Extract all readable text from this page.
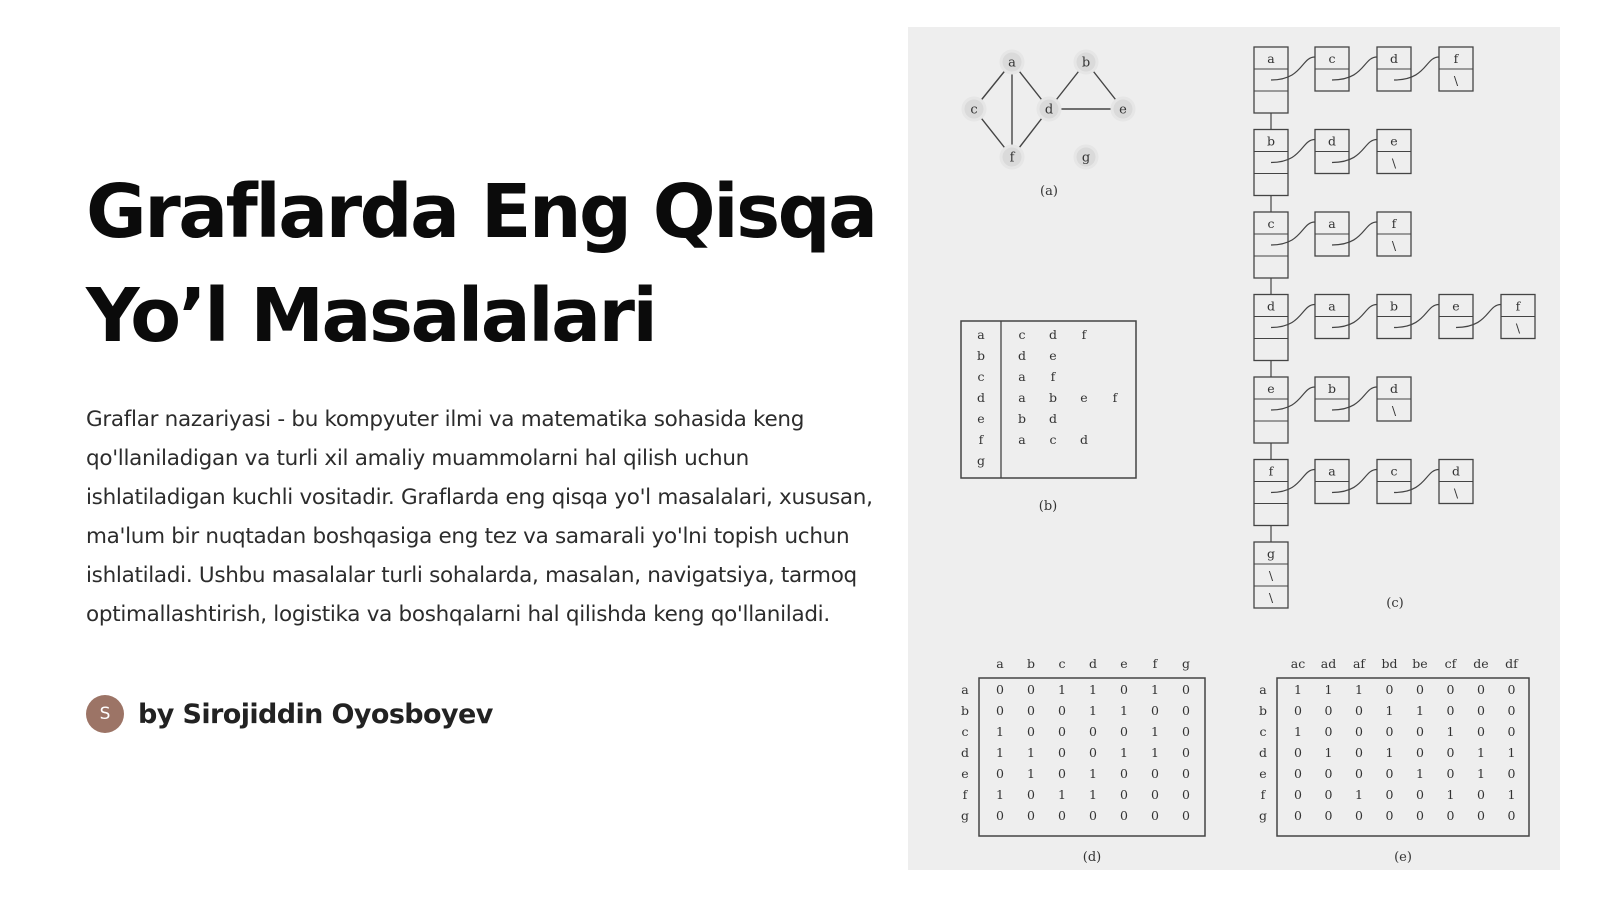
Graflarda Eng Qisqa Yo’l Masalalari

Graflar nazariyasi - bu kompyuter ilmi va matematika sohasida keng qo'llaniladigan va turli xil amaliy muammolarni hal qilish uchun ishlatiladigan kuchli vositadir. Graflarda eng qisqa yo'l masalalari, xususan, ma'lum bir nuqtadan boshqasiga eng tez va samarali yo'lni topish uchun ishlatiladi. Ushbu masalalar turli sohalarda, masalan, navigatsiya, tarmoq optimallashtirish, logistika va boshqalarni hal qilishda keng qo'llaniladi.

S	by Sirojiddin Oyosboyev
a	b
c	d	e
f	g
(a)
a	c d f
b	d e
c	a f
d	a b e f
e	b d
f	a c d
g
(b)
a	c	d	f
\
b	d	e
\
c	a	f
\
d	a	b	e	f
\
e	b	d
\
f	a	c	d
\
g
\
\	(c)
a b c d e f g
a 0 0 1 1 0 1 0
b 0 0 0 1 1 0 0
c 1 0 0 0 0 1 0
d 1 1 0 0 1 1 0
e 0 1 0 1 0 0 0
f 1 0 1 1 0 0 0
g 0 0 0 0 0 0 0
(d)
ac ad af bd be cf de df
a 1 1 1 0 0 0 0 0
b 0 0 0 1 1 0 0 0
c 1 0 0 0 0 1 0 0
d 0 1 0 1 0 0 1 1
e 0 0 0 0 1 0 1 0
f 0 0 1 0 0 1 0 1
g 0 0 0 0 0 0 0 0
(e)
